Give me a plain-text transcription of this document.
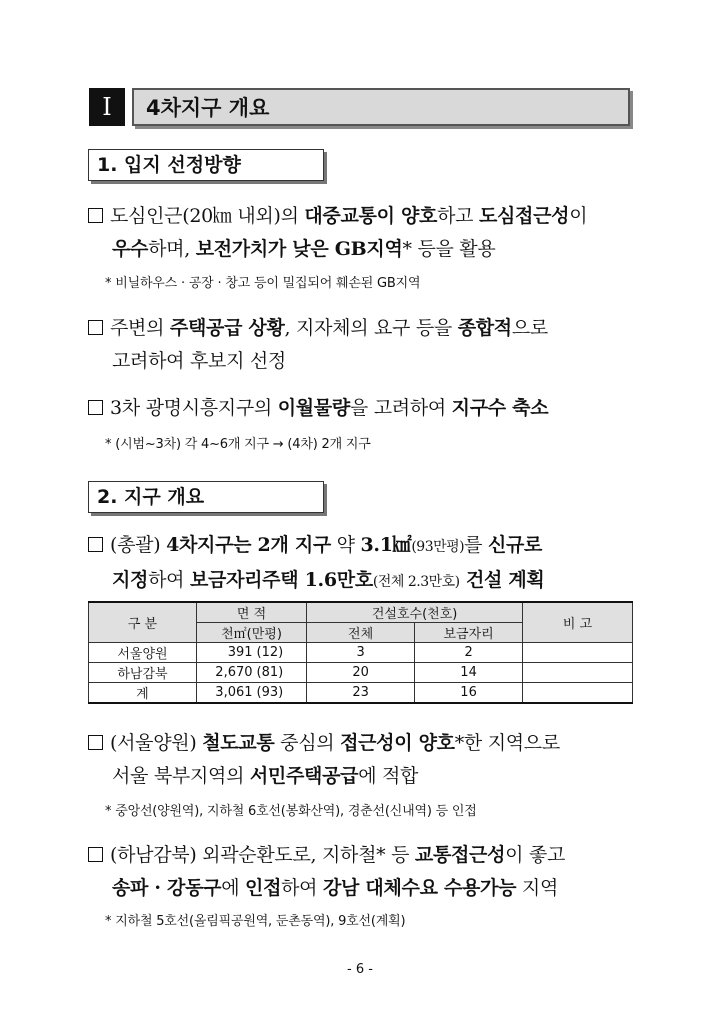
I	4차지구 개요
1. 입지 선정방향
도심인근(20㎞ 내외)의 대중교통이 양호하고 도심접근성이
우수하며, 보전가치가 낮은 GB지역* 등을 활용
* 비닐하우스 · 공장 · 창고 등이 밀집되어 훼손된 GB지역
주변의 주택공급 상황, 지자체의 요구 등을 종합적으로
고려하여 후보지 선정
3차 광명시흥지구의 이월물량을 고려하여 지구수 축소
* (시범~3차) 각 4~6개 지구 → (4차) 2개 지구
2. 지구 개요
(총괄) 4차지구는 2개 지구 약 3.1㎢(93만평)를 신규로
지정하여 보금자리주택 1.6만호(전체 2.3만호) 건설 계획
구 분	면 적	건설호수(천호)		비 고
	천㎡(만평)	전체	보금자리	
서울양원	391 (12)	3	2	
하남감북	2,670 (81)	20	14	
계	3,061 (93)	23	16	
(서울양원) 철도교통 중심의 접근성이 양호*한 지역으로
서울 북부지역의 서민주택공급에 적합
* 중앙선(양원역), 지하철 6호선(봉화산역), 경춘선(신내역) 등 인접
(하남감북) 외곽순환도로, 지하철* 등 교통접근성이 좋고
송파 · 강동구에 인접하여 강남 대체수요 수용가능 지역
* 지하철 5호선(올림픽공원역, 둔촌동역), 9호선(계획)
- 6 -
